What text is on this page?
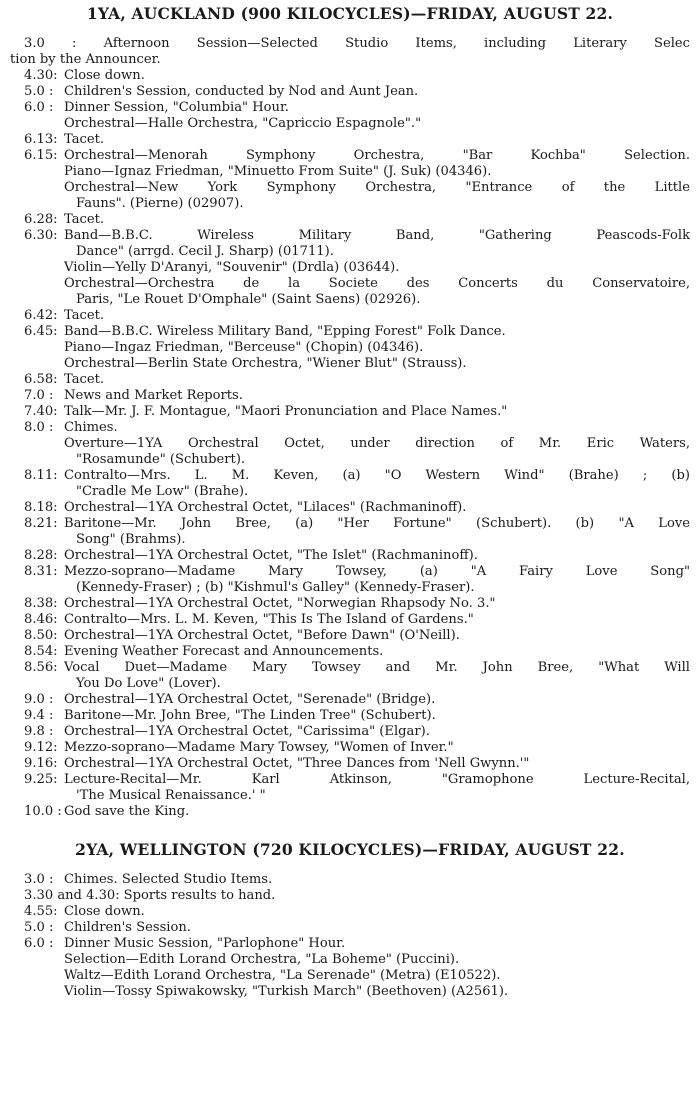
1YA, AUCKLAND (900 KILOCYCLES)—FRIDAY, AUGUST 22.
3.0 : Afternoon Session—Selected Studio Items, including Literary Selec
tion by the Announcer.
4.30: Close down.
5.0 : Children's Session, conducted by Nod and Aunt Jean.
6.0 : Dinner Session, "Columbia" Hour.
Orchestral—Halle Orchestra, "Capriccio Espagnole"."
6.13: Tacet.
6.15: Orchestral—Menorah Symphony Orchestra, "Bar Kochba" Selection.
Piano—Ignaz Friedman, "Minuetto From Suite" (J. Suk) (04346).
Orchestral—New York Symphony Orchestra, "Entrance of the Little
Fauns". (Pierne) (02907).
6.28: Tacet.
6.30: Band—B.B.C. Wireless Military Band, "Gathering Peascods-Folk
Dance" (arrgd. Cecil J. Sharp) (01711).
Violin—Yelly D'Aranyi, "Souvenir" (Drdla) (03644).
Orchestral—Orchestra de la Societe des Concerts du Conservatoire,
Paris, "Le Rouet D'Omphale" (Saint Saens) (02926).
6.42: Tacet.
6.45: Band—B.B.C. Wireless Military Band, "Epping Forest" Folk Dance.
Piano—Ingaz Friedman, "Berceuse" (Chopin) (04346).
Orchestral—Berlin State Orchestra, "Wiener Blut" (Strauss).
6.58: Tacet.
7.0 : News and Market Reports.
7.40: Talk—Mr. J. F. Montague, "Maori Pronunciation and Place Names."
8.0 : Chimes.
Overture—1YA Orchestral Octet, under direction of Mr. Eric Waters,
"Rosamunde" (Schubert).
8.11: Contralto—Mrs. L. M. Keven, (a) "O Western Wind" (Brahe) ; (b)
"Cradle Me Low" (Brahe).
8.18: Orchestral—1YA Orchestral Octet, "Lilaces" (Rachmaninoff).
8.21: Baritone—Mr. John Bree, (a) "Her Fortune" (Schubert). (b) "A Love
Song" (Brahms).
8.28: Orchestral—1YA Orchestral Octet, "The Islet" (Rachmaninoff).
8.31: Mezzo-soprano—Madame Mary Towsey, (a) "A Fairy Love Song"
(Kennedy-Fraser) ; (b) "Kishmul's Galley" (Kennedy-Fraser).
8.38: Orchestral—1YA Orchestral Octet, "Norwegian Rhapsody No. 3."
8.46: Contralto—Mrs. L. M. Keven, "This Is The Island of Gardens."
8.50: Orchestral—1YA Orchestral Octet, "Before Dawn" (O'Neill).
8.54: Evening Weather Forecast and Announcements.
8.56: Vocal Duet—Madame Mary Towsey and Mr. John Bree, "What Will
You Do Love" (Lover).
9.0 : Orchestral—1YA Orchestral Octet, "Serenade" (Bridge).
9.4 : Baritone—Mr. John Bree, "The Linden Tree" (Schubert).
9.8 : Orchestral—1YA Orchestral Octet, "Carissima" (Elgar).
9.12: Mezzo-soprano—Madame Mary Towsey, "Women of Inver."
9.16: Orchestral—1YA Orchestral Octet, "Three Dances from 'Nell Gwynn.'"
9.25: Lecture-Recital—Mr. Karl Atkinson, "Gramophone Lecture-Recital,
'The Musical Renaissance.' "
10.0 : God save the King.
2YA, WELLINGTON (720 KILOCYCLES)—FRIDAY, AUGUST 22.
3.0 : Chimes. Selected Studio Items.
3.30 and 4.30: Sports results to hand.
4.55: Close down.
5.0 : Children's Session.
6.0 : Dinner Music Session, "Parlophone" Hour.
Selection—Edith Lorand Orchestra, "La Boheme" (Puccini).
Waltz—Edith Lorand Orchestra, "La Serenade" (Metra) (E10522).
Violin—Tossy Spiwakowsky, "Turkish March" (Beethoven) (A2561).
